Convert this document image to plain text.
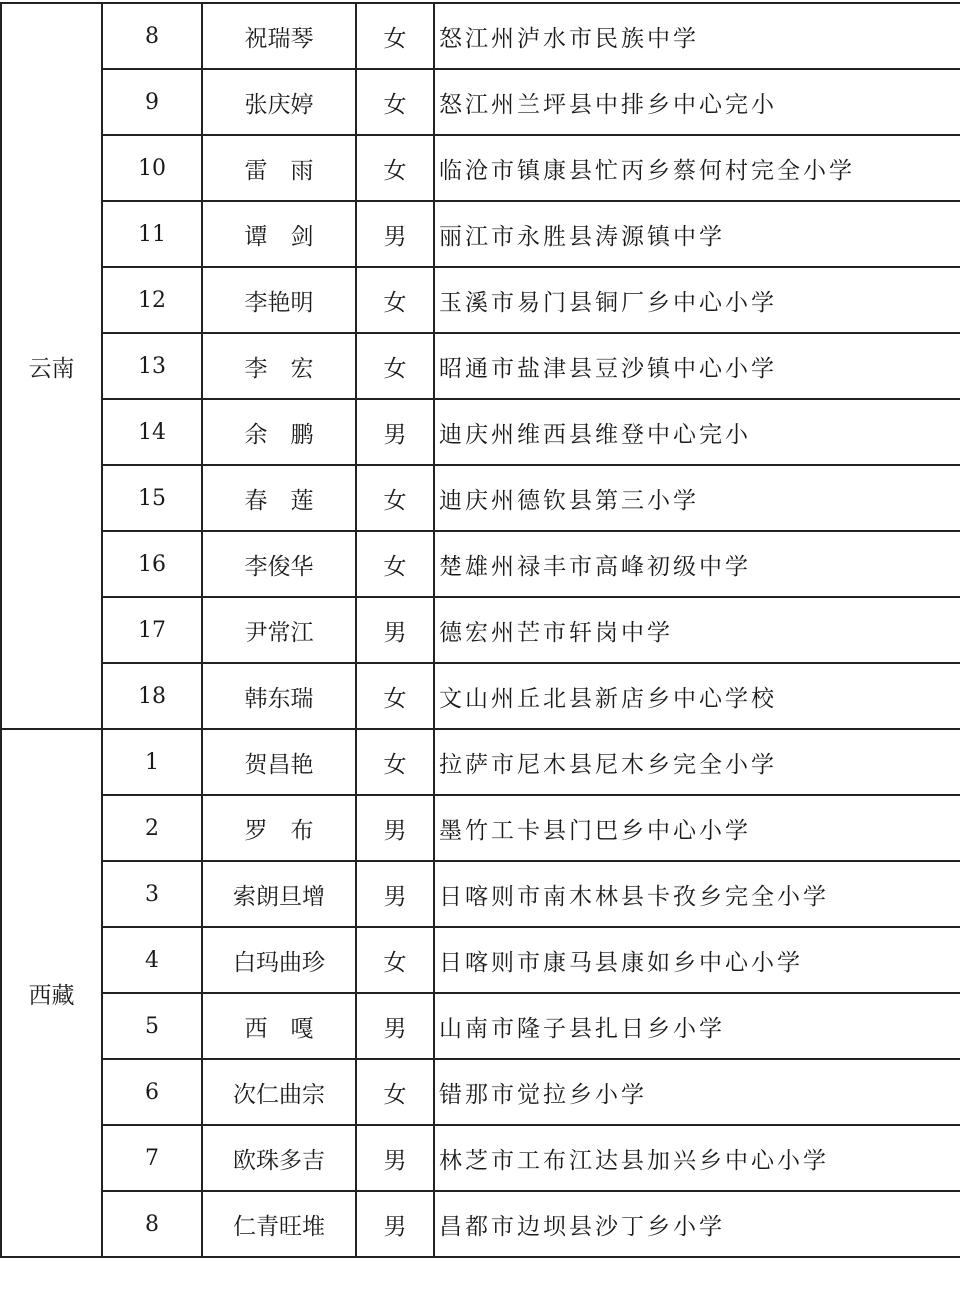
云南	8	祝瑞琴	女	怒江州泸水市民族中学
	9	张庆婷	女	怒江州兰坪县中排乡中心完小
	10	雷　雨	女	临沧市镇康县忙丙乡蔡何村完全小学
	11	谭　剑	男	丽江市永胜县涛源镇中学
	12	李艳明	女	玉溪市易门县铜厂乡中心小学
	13	李　宏	女	昭通市盐津县豆沙镇中心小学
	14	余　鹏	男	迪庆州维西县维登中心完小
	15	春　莲	女	迪庆州德钦县第三小学
	16	李俊华	女	楚雄州禄丰市高峰初级中学
	17	尹常江	男	德宏州芒市轩岗中学
	18	韩东瑞	女	文山州丘北县新店乡中心学校
西藏	1	贺昌艳	女	拉萨市尼木县尼木乡完全小学
	2	罗　布	男	墨竹工卡县门巴乡中心小学
	3	索朗旦增	男	日喀则市南木林县卡孜乡完全小学
	4	白玛曲珍	女	日喀则市康马县康如乡中心小学
	5	西　嘎	男	山南市隆子县扎日乡小学
	6	次仁曲宗	女	错那市觉拉乡小学
	7	欧珠多吉	男	林芝市工布江达县加兴乡中心小学
	8	仁青旺堆	男	昌都市边坝县沙丁乡小学
